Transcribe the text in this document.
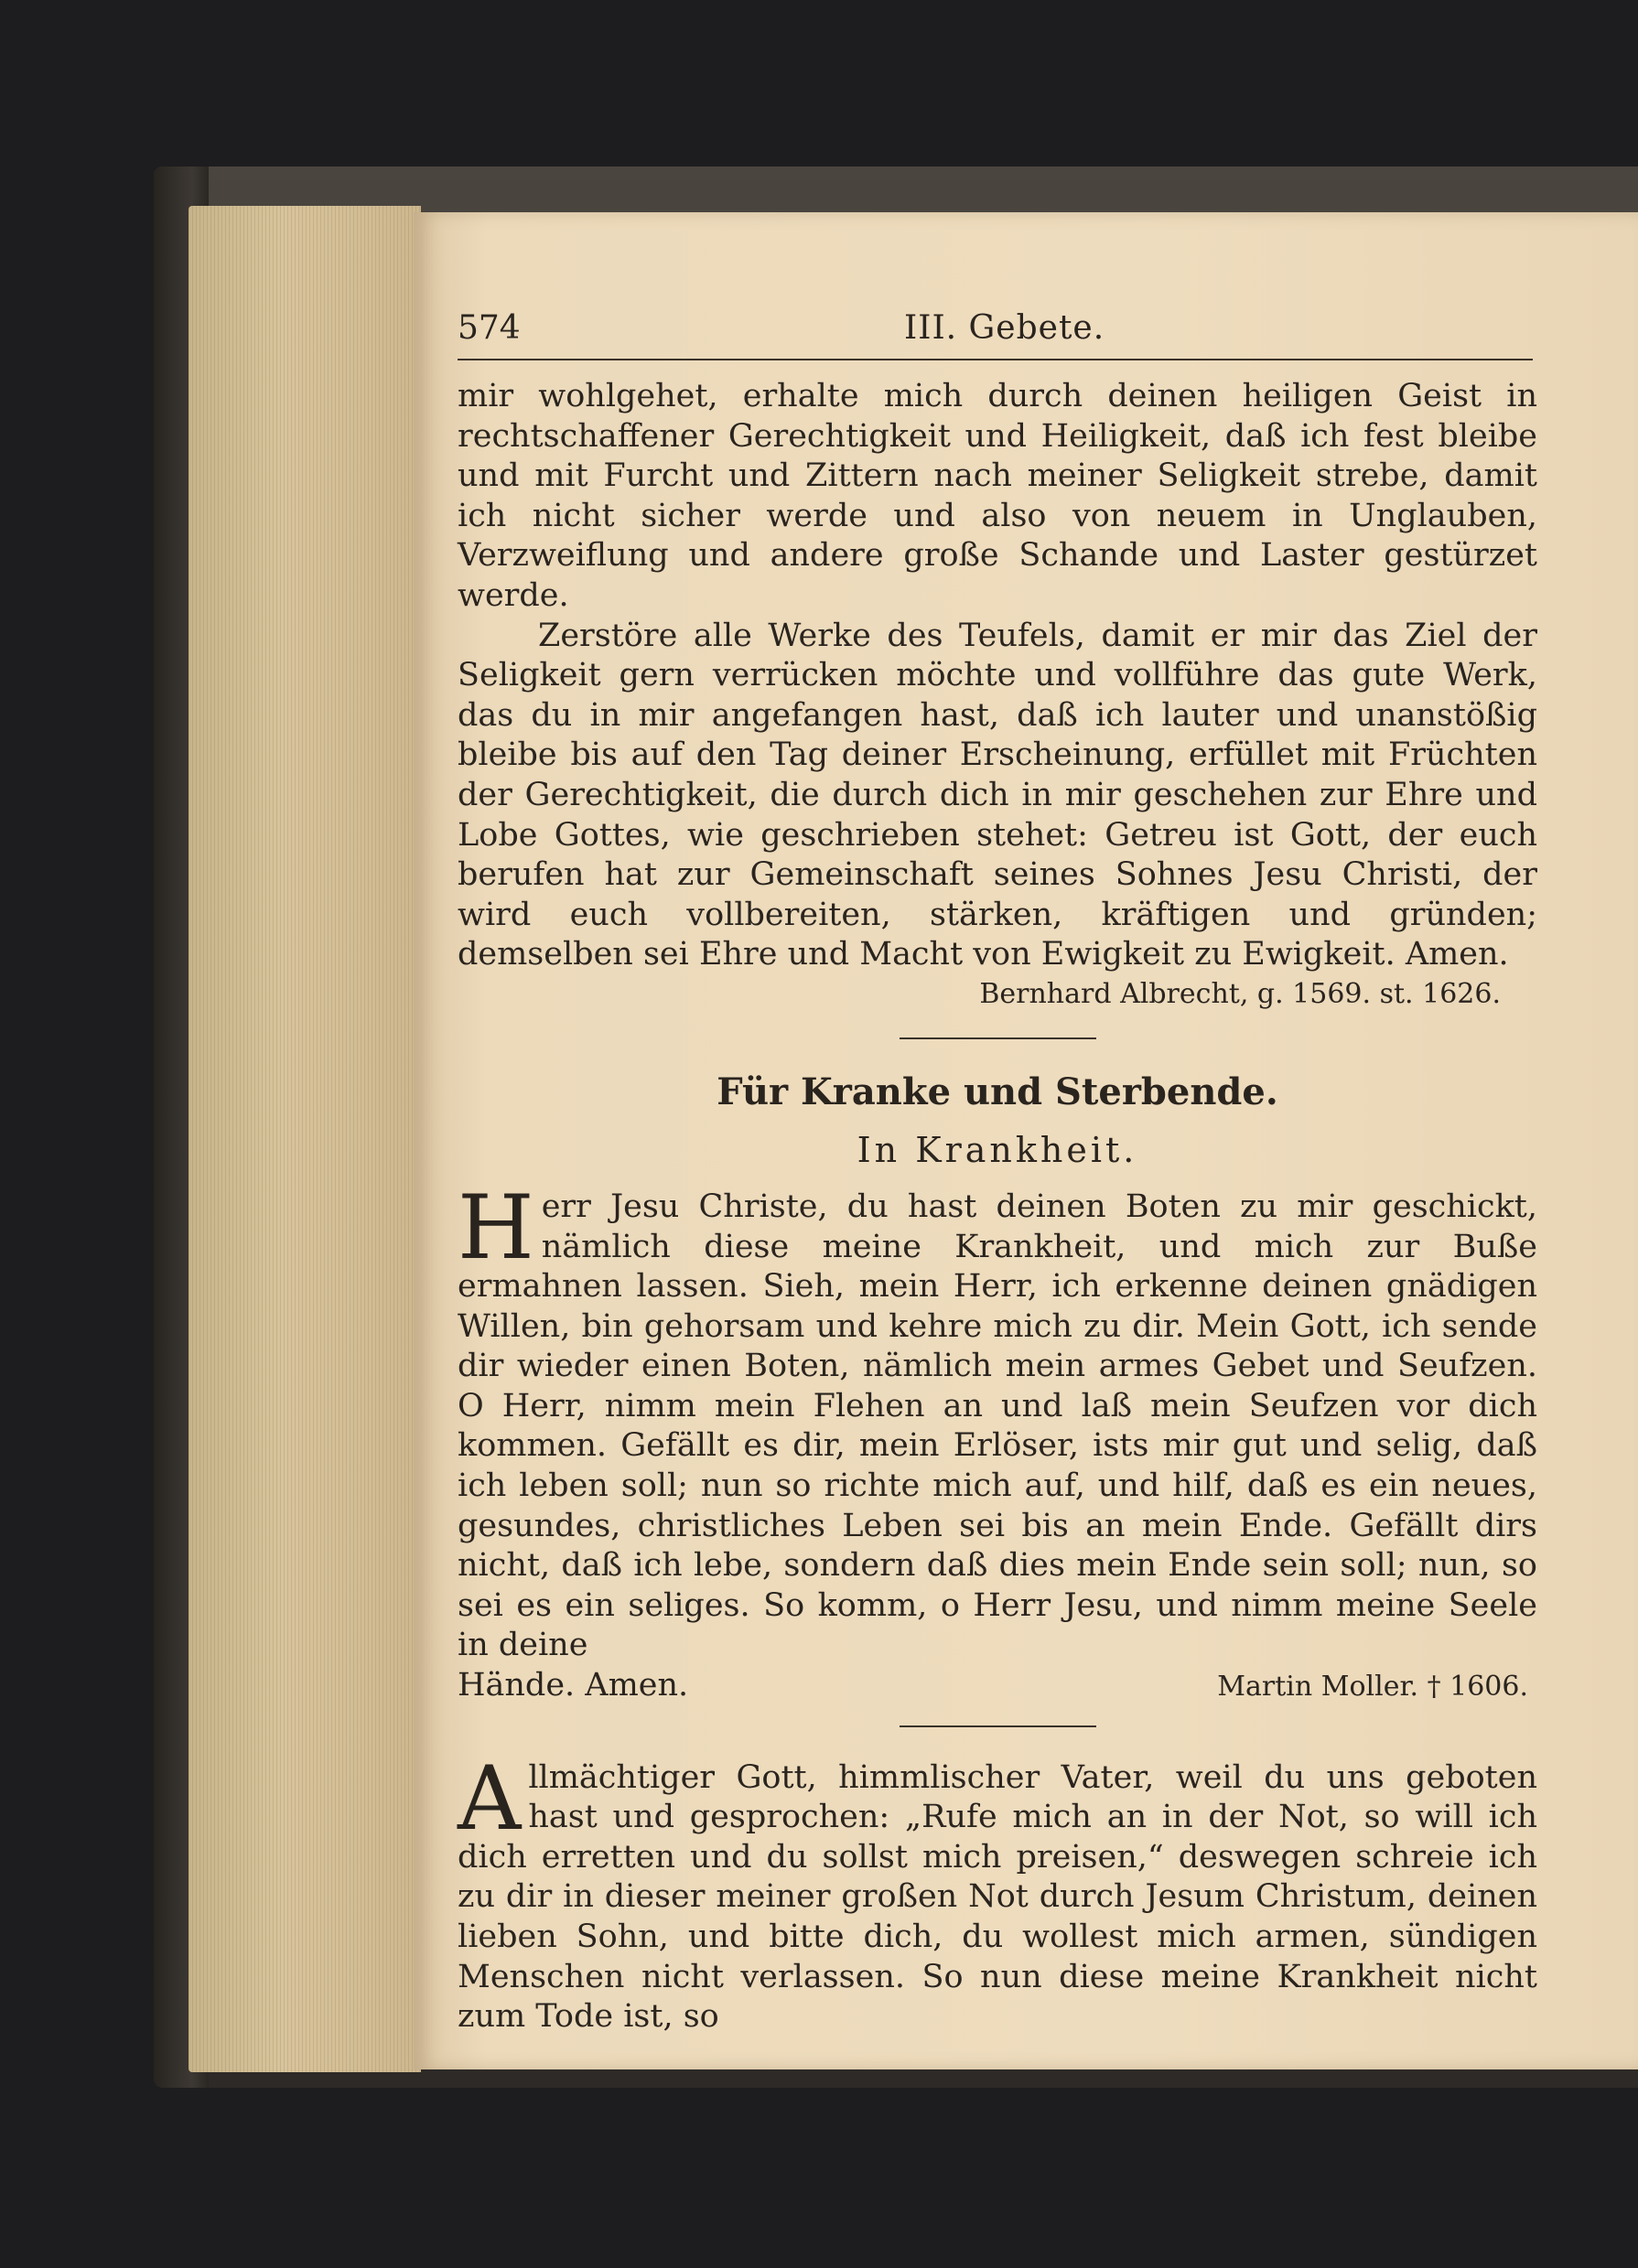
574	III. Gebete.

mir wohlgehet, erhalte mich durch deinen heiligen Geist in rechtschaffener Gerechtigkeit und Heiligkeit, daß ich fest bleibe und mit Furcht und Zittern nach meiner Seligkeit strebe, damit ich nicht sicher werde und also von neuem in Unglauben, Verzweiflung und andere große Schande und Laster gestürzet werde.

Zerstöre alle Werke des Teufels, damit er mir das Ziel der Seligkeit gern verrücken möchte und vollführe das gute Werk, das du in mir angefangen hast, daß ich lauter und unanstößig bleibe bis auf den Tag deiner Erscheinung, erfüllet mit Früchten der Gerechtigkeit, die durch dich in mir geschehen zur Ehre und Lobe Gottes, wie geschrieben stehet: Getreu ist Gott, der euch berufen hat zur Gemeinschaft seines Sohnes Jesu Christi, der wird euch vollbereiten, stärken, kräftigen und gründen; demselben sei Ehre und Macht von Ewigkeit zu Ewigkeit. Amen.

Bernhard Albrecht, g. 1569. st. 1626.

Für Kranke und Sterbende.

In Krankheit.

H err Jesu Christe, du hast deinen Boten zu mir geschickt, nämlich diese meine Krankheit, und mich zur Buße ermahnen lassen. Sieh, mein Herr, ich erkenne deinen gnädigen Willen, bin gehorsam und kehre mich zu dir. Mein Gott, ich sende dir wieder einen Boten, nämlich mein armes Gebet und Seufzen. O Herr, nimm mein Flehen an und laß mein Seufzen vor dich kommen. Gefällt es dir, mein Erlöser, ists mir gut und selig, daß ich leben soll; nun so richte mich auf, und hilf, daß es ein neues, gesundes, christliches Leben sei bis an mein Ende. Gefällt dirs nicht, daß ich lebe, sondern daß dies mein Ende sein soll; nun, so sei es ein seliges. So komm, o Herr Jesu, und nimm meine Seele in deine

Hände. Amen.	Martin Moller. † 1606.
A llmächtiger Gott, himmlischer Vater, weil du uns geboten hast und gesprochen: „Rufe mich an in der Not, so will ich dich erretten und du sollst mich preisen,“ deswegen schreie ich zu dir in dieser meiner großen Not durch Jesum Christum, deinen lieben Sohn, und bitte dich, du wollest mich armen, sündigen Menschen nicht verlassen. So nun diese meine Krankheit nicht zum Tode ist, so
